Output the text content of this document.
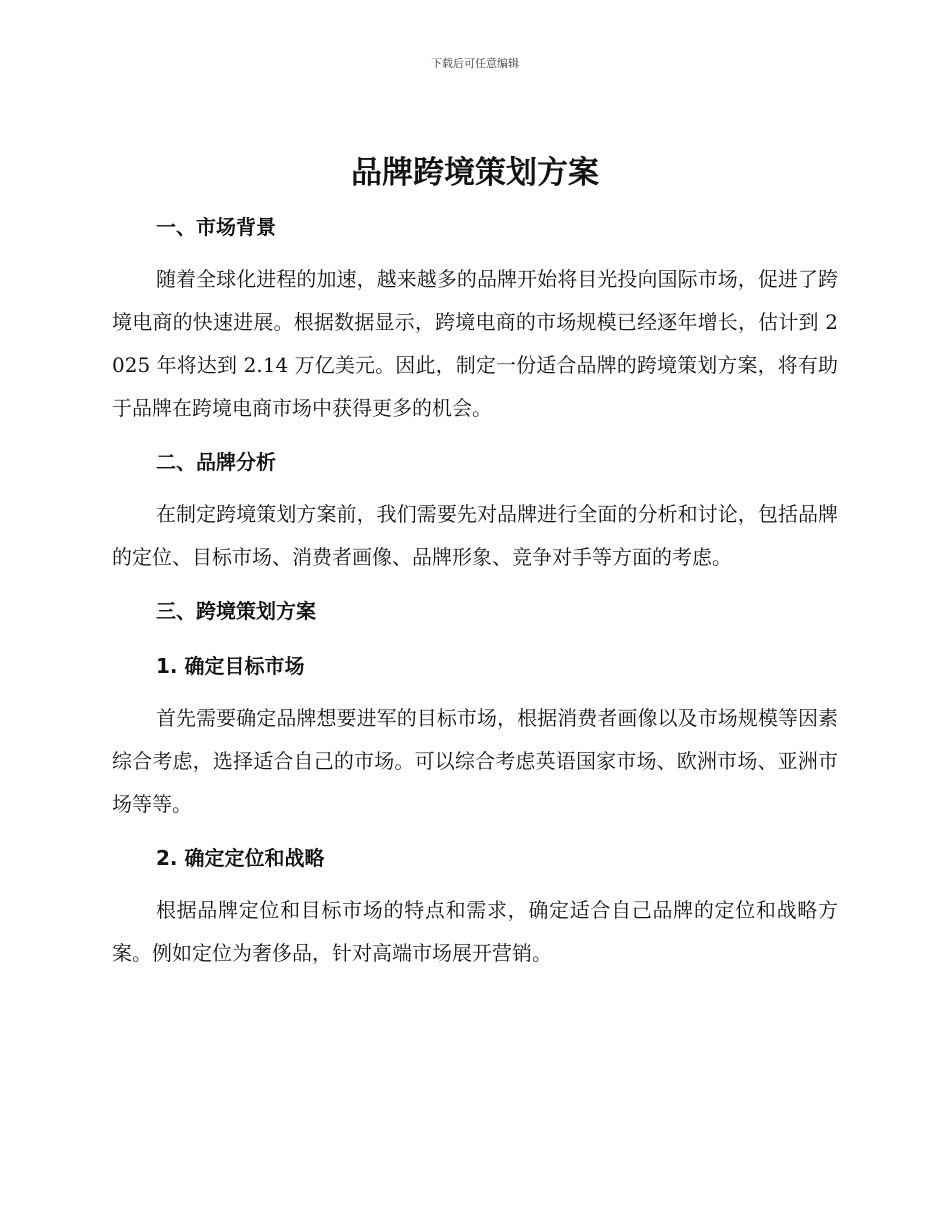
下载后可任意编辑
品牌跨境策划方案
一、市场背景

随着全球化进程的加速，越来越多的品牌开始将目光投向国际市场，促进了跨境电商的快速进展。根据数据显示，跨境电商的市场规模已经逐年增长，估计到 2025 年将达到 2.14 万亿美元。因此，制定一份适合品牌的跨境策划方案，将有助于品牌在跨境电商市场中获得更多的机会。

二、品牌分析

在制定跨境策划方案前，我们需要先对品牌进行全面的分析和讨论，包括品牌的定位、目标市场、消费者画像、品牌形象、竞争对手等方面的考虑。

三、跨境策划方案
1. 确定目标市场

首先需要确定品牌想要进军的目标市场，根据消费者画像以及市场规模等因素综合考虑，选择适合自己的市场。可以综合考虑英语国家市场、欧洲市场、亚洲市场等等。

2. 确定定位和战略

根据品牌定位和目标市场的特点和需求，确定适合自己品牌的定位和战略方案。例如定位为奢侈品，针对高端市场展开营销。
